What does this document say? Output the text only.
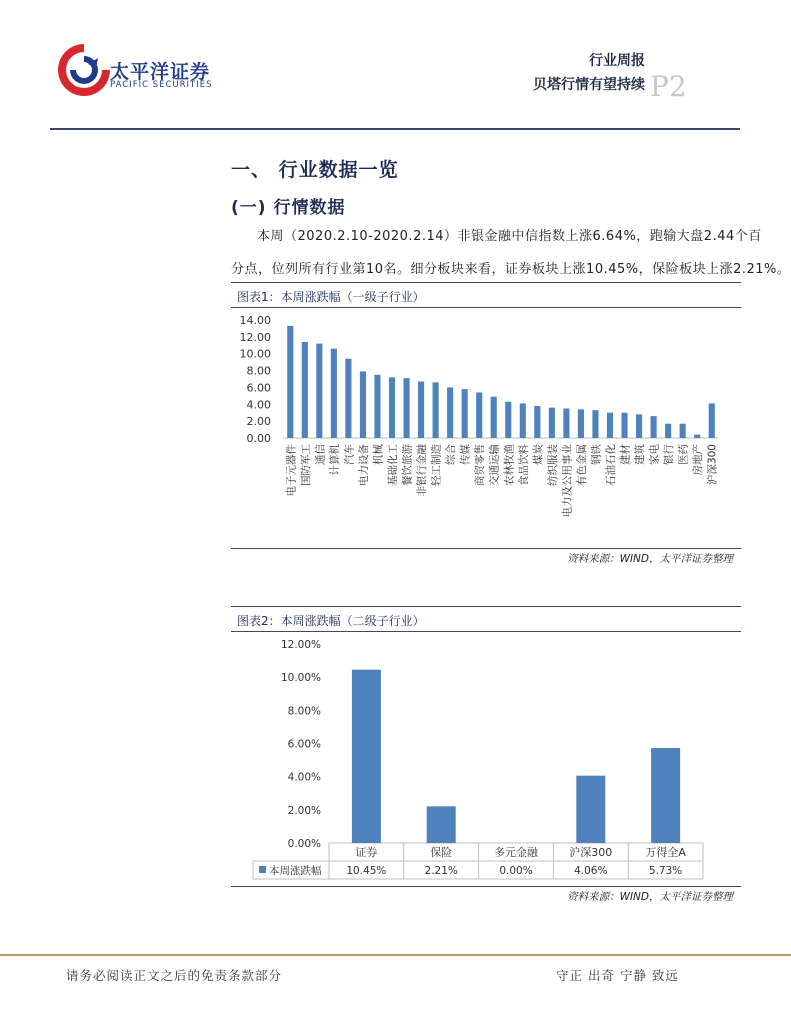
太平洋证券
PACIFIC SECURITIES
行业周报
贝塔行情有望持续 P2
一、 行业数据一览
(一) 行情数据
本周（2020.2.10-2020.2.14）非银金融中信指数上涨6.64%，跑输大盘2.44个百
分点，位列所有行业第10名。细分板块来看，证券板块上涨10.45%，保险板块上涨2.21%。
图表1：本周涨跌幅（一级子行业）
0.00
2.00
4.00
6.00
8.00
10.00
12.00
14.00
电子元器件 国防军工 通信 计算机 汽车 电力设备 机械 基础化工 餐饮旅游 非银行金融 轻工制造 综合 传媒 商贸零售 交通运输 农林牧渔 食品饮料 煤炭 纺织服装 电力及公用事业 有色金属 钢铁 石油石化 建材 建筑 家电 银行 医药 房地产 沪深300
资料来源：WIND，太平洋证券整理
图表2：本周涨跌幅（二级子行业）
0.00%
2.00%
4.00%
6.00%
8.00%
10.00%
12.00%
证券
10.45%
保险
2.21%
多元金融
0.00%
沪深300
4.06%
万得全A
5.73%
本周涨跌幅
资料来源：WIND，太平洋证券整理
请务必阅读正文之后的免责条款部分	守正 出奇 宁静 致远
